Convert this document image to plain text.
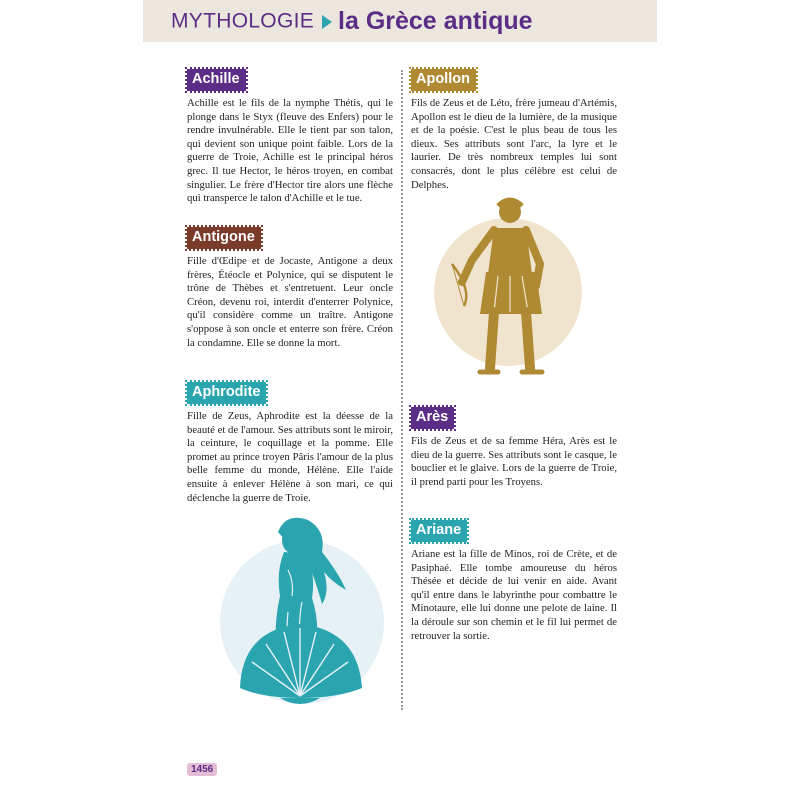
MYTHOLOGIE la Grèce antique
Achille

Achille est le fils de la nymphe Thétis, qui le plonge dans le Styx (fleuve des Enfers) pour le rendre invulnérable. Elle le tient par son talon, qui devient son unique point faible. Lors de la guerre de Troie, Achille est le principal héros grec. Il tue Hector, le héros troyen, en combat singulier. Le frère d'Hector tire alors une flèche qui transperce le talon d'Achille et le tue.

Antigone

Fille d'Œdipe et de Jocaste, Antigone a deux frères, Étéocle et Polynice, qui se disputent le trône de Thèbes et s'entretuent. Leur oncle Créon, devenu roi, interdit d'enterrer Polynice, qu'il considère comme un traître. Antigone s'oppose à son oncle et enterre son frère. Créon la condamne. Elle se donne la mort.

Aphrodite

Fille de Zeus, Aphrodite est la déesse de la beauté et de l'amour. Ses attributs sont le miroir, la ceinture, le coquillage et la pomme. Elle promet au prince troyen Pâris l'amour de la plus belle femme du monde, Hélène. Elle l'aide ensuite à enlever Hélène à son mari, ce qui déclenche la guerre de Troie.

Apollon

Fils de Zeus et de Léto, frère jumeau d'Artémis, Apollon est le dieu de la lumière, de la musique et de la poésie. C'est le plus beau de tous les dieux. Ses attributs sont l'arc, la lyre et le laurier. De très nombreux temples lui sont consacrés, dont le plus célèbre est celui de Delphes.

Arès

Fils de Zeus et de sa femme Héra, Arès est le dieu de la guerre. Ses attributs sont le casque, le bouclier et le glaive. Lors de la guerre de Troie, il prend parti pour les Troyens.

Ariane

Ariane est la fille de Minos, roi de Crète, et de Pasiphaé. Elle tombe amoureuse du héros Thésée et décide de lui venir en aide. Avant qu'il entre dans le labyrinthe pour combattre le Minotaure, elle lui donne une pelote de laine. Il la déroule sur son chemin et le fil lui permet de retrouver la sortie.

1456
